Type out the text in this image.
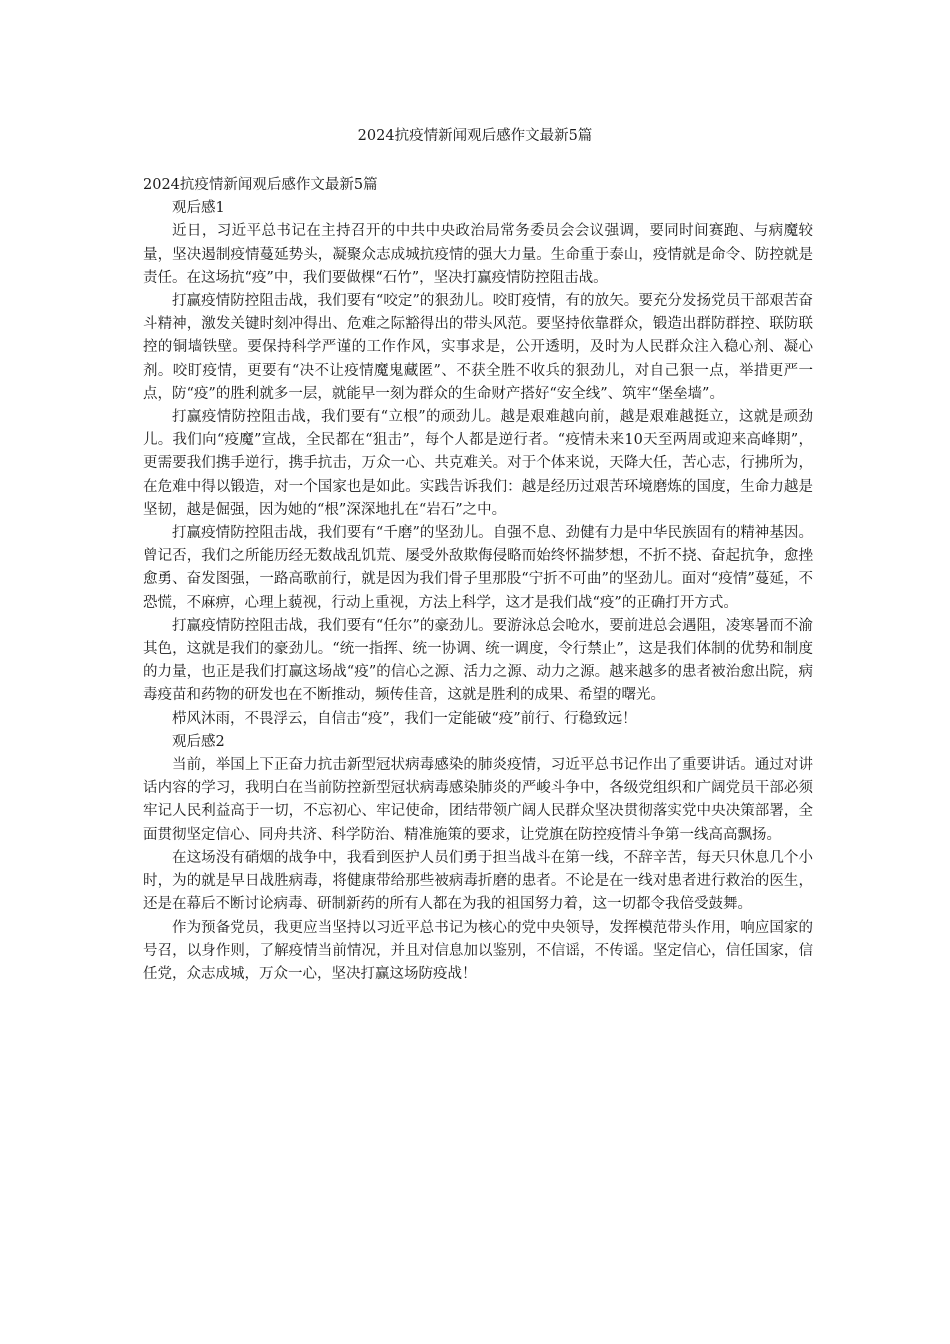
2024抗疫情新闻观后感作文最新5篇

2024抗疫情新闻观后感作文最新5篇

观后感1

近日，习近平总书记在主持召开的中共中央政治局常务委员会会议强调，要同时间赛跑、与病魔较量，坚决遏制疫情蔓延势头，凝聚众志成城抗疫情的强大力量。生命重于泰山，疫情就是命令、防控就是责任。在这场抗“疫”中，我们要做棵“石竹”，坚决打赢疫情防控阻击战。

打赢疫情防控阻击战，我们要有“咬定”的狠劲儿。咬盯疫情，有的放矢。要充分发扬党员干部艰苦奋斗精神，激发关键时刻冲得出、危难之际豁得出的带头风范。要坚持依靠群众，锻造出群防群控、联防联控的铜墙铁壁。要保持科学严谨的工作作风，实事求是，公开透明，及时为人民群众注入稳心剂、凝心剂。咬盯疫情，更要有“决不让疫情魔鬼藏匿”、不获全胜不收兵的狠劲儿，对自己狠一点，举措更严一点，防“疫”的胜利就多一层，就能早一刻为群众的生命财产搭好“安全线”、筑牢“堡垒墙”。

打赢疫情防控阻击战，我们要有“立根”的顽劲儿。越是艰难越向前，越是艰难越挺立，这就是顽劲儿。我们向“疫魔”宣战，全民都在“狙击”，每个人都是逆行者。“疫情未来10天至两周或迎来高峰期”，更需要我们携手逆行，携手抗击，万众一心、共克难关。对于个体来说，天降大任，苦心志，行拂所为，在危难中得以锻造，对一个国家也是如此。实践告诉我们：越是经历过艰苦环境磨炼的国度，生命力越是坚韧，越是倔强，因为她的“根”深深地扎在“岩石”之中。

打赢疫情防控阻击战，我们要有“千磨”的坚劲儿。自强不息、劲健有力是中华民族固有的精神基因。曾记否，我们之所能历经无数战乱饥荒、屡受外敌欺侮侵略而始终怀揣梦想，不折不挠、奋起抗争，愈挫愈勇、奋发图强，一路高歌前行，就是因为我们骨子里那股“宁折不可曲”的坚劲儿。面对“疫情”蔓延，不恐慌，不麻痹，心理上藐视，行动上重视，方法上科学，这才是我们战“疫”的正确打开方式。

打赢疫情防控阻击战，我们要有“任尔”的豪劲儿。要游泳总会呛水，要前进总会遇阻，凌寒暑而不渝其色，这就是我们的豪劲儿。“统一指挥、统一协调、统一调度，令行禁止”，这是我们体制的优势和制度的力量，也正是我们打赢这场战“疫”的信心之源、活力之源、动力之源。越来越多的患者被治愈出院，病毒疫苗和药物的研发也在不断推动，频传佳音，这就是胜利的成果、希望的曙光。

栉风沐雨，不畏浮云，自信击“疫”，我们一定能破“疫”前行、行稳致远！

观后感2

当前，举国上下正奋力抗击新型冠状病毒感染的肺炎疫情，习近平总书记作出了重要讲话。通过对讲话内容的学习，我明白在当前防控新型冠状病毒感染肺炎的严峻斗争中，各级党组织和广阔党员干部必须牢记人民利益高于一切，不忘初心、牢记使命，团结带领广阔人民群众坚决贯彻落实党中央决策部署，全面贯彻坚定信心、同舟共济、科学防治、精准施策的要求，让党旗在防控疫情斗争第一线高高飘扬。

在这场没有硝烟的战争中，我看到医护人员们勇于担当战斗在第一线，不辞辛苦，每天只休息几个小时，为的就是早日战胜病毒，将健康带给那些被病毒折磨的患者。不论是在一线对患者进行救治的医生，还是在幕后不断讨论病毒、研制新药的所有人都在为我的祖国努力着，这一切都令我倍受鼓舞。

作为预备党员，我更应当坚持以习近平总书记为核心的党中央领导，发挥模范带头作用，响应国家的号召，以身作则，了解疫情当前情况，并且对信息加以鉴别，不信谣，不传谣。坚定信心，信任国家，信任党，众志成城，万众一心，坚决打赢这场防疫战！
